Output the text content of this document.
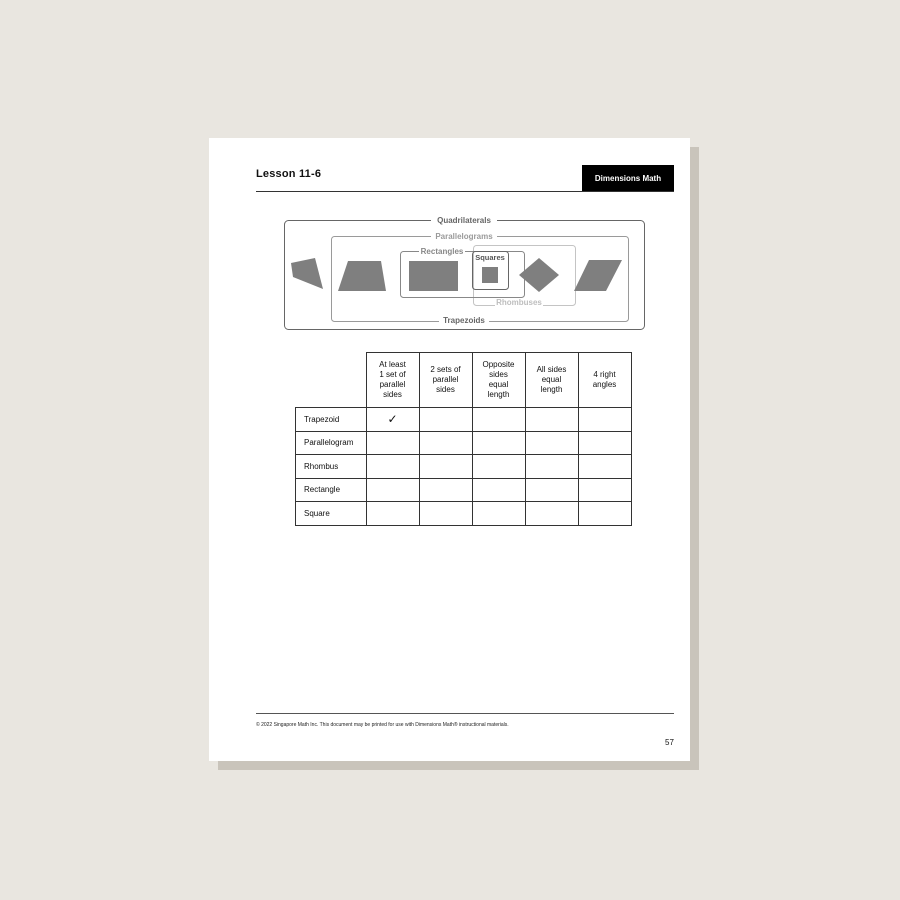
Lesson 11-6	Dimensions Math
Quadrilaterals
Parallelograms
Trapezoids
Rhombuses
Rectangles
Squares
	At least
1 set of
parallel
sides	2 sets of
parallel
sides	Opposite
sides
equal
length	All sides
equal
length	4 right
angles
Trapezoid	✓				
Parallelogram					
Rhombus					
Rectangle					
Square					
© 2022 Singapore Math Inc. This document may be printed for use with Dimensions Math® instructional materials.
57
